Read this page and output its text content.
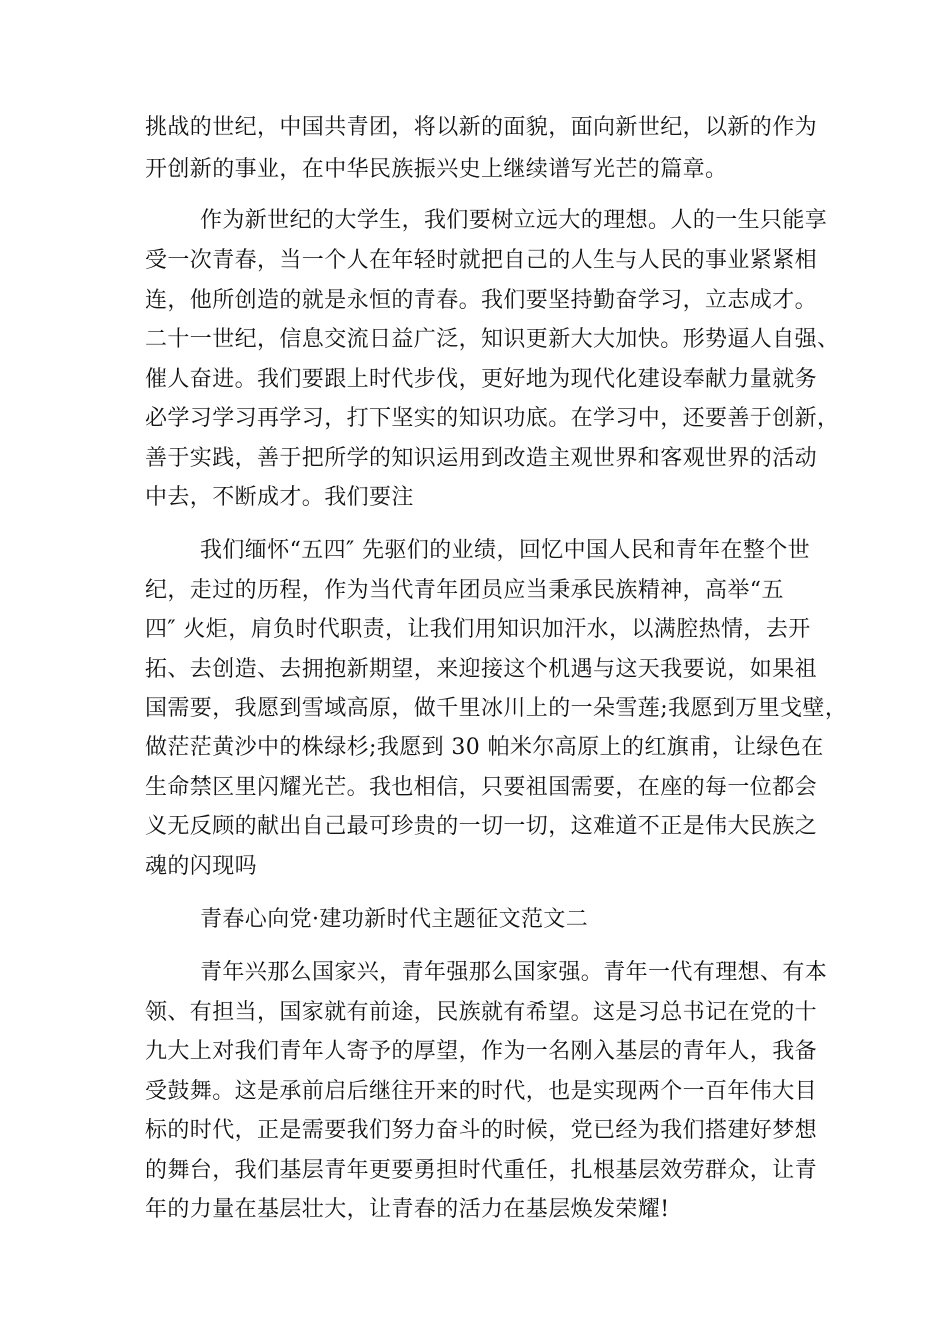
挑战的世纪，中国共青团，将以新的面貌，面向新世纪，以新的作为
开创新的事业，在中华民族振兴史上继续谱写光芒的篇章。
作为新世纪的大学生，我们要树立远大的理想。人的一生只能享
受一次青春，当一个人在年轻时就把自己的人生与人民的事业紧紧相
连，他所创造的就是永恒的青春。我们要坚持勤奋学习，立志成才。
二十一世纪，信息交流日益广泛，知识更新大大加快。形势逼人自强、
催人奋进。我们要跟上时代步伐，更好地为现代化建设奉献力量就务
必学习学习再学习，打下坚实的知识功底。在学习中，还要善于创新，
善于实践，善于把所学的知识运用到改造主观世界和客观世界的活动
中去，不断成才。我们要注
我们缅怀“五四″ 先驱们的业绩，回忆中国人民和青年在整个世
纪，走过的历程，作为当代青年团员应当秉承民族精神，高举“五
四″ 火炬，肩负时代职责，让我们用知识加汗水，以满腔热情，去开
拓、去创造、去拥抱新期望，来迎接这个机遇与这天我要说，如果祖
国需要，我愿到雪域高原，做千里冰川上的一朵雪莲;我愿到万里戈壁，
做茫茫黄沙中的株绿杉;我愿到 30 帕米尔高原上的红旗甫，让绿色在
生命禁区里闪耀光芒。我也相信，只要祖国需要，在座的每一位都会
义无反顾的献出自己最可珍贵的一切一切，这难道不正是伟大民族之
魂的闪现吗
青春心向党·建功新时代主题征文范文二
青年兴那么国家兴，青年强那么国家强。青年一代有理想、有本
领、有担当，国家就有前途，民族就有希望。这是习总书记在党的十
九大上对我们青年人寄予的厚望，作为一名刚入基层的青年人，我备
受鼓舞。这是承前启后继往开来的时代，也是实现两个一百年伟大目
标的时代，正是需要我们努力奋斗的时候，党已经为我们搭建好梦想
的舞台，我们基层青年更要勇担时代重任，扎根基层效劳群众，让青
年的力量在基层壮大，让青春的活力在基层焕发荣耀!
